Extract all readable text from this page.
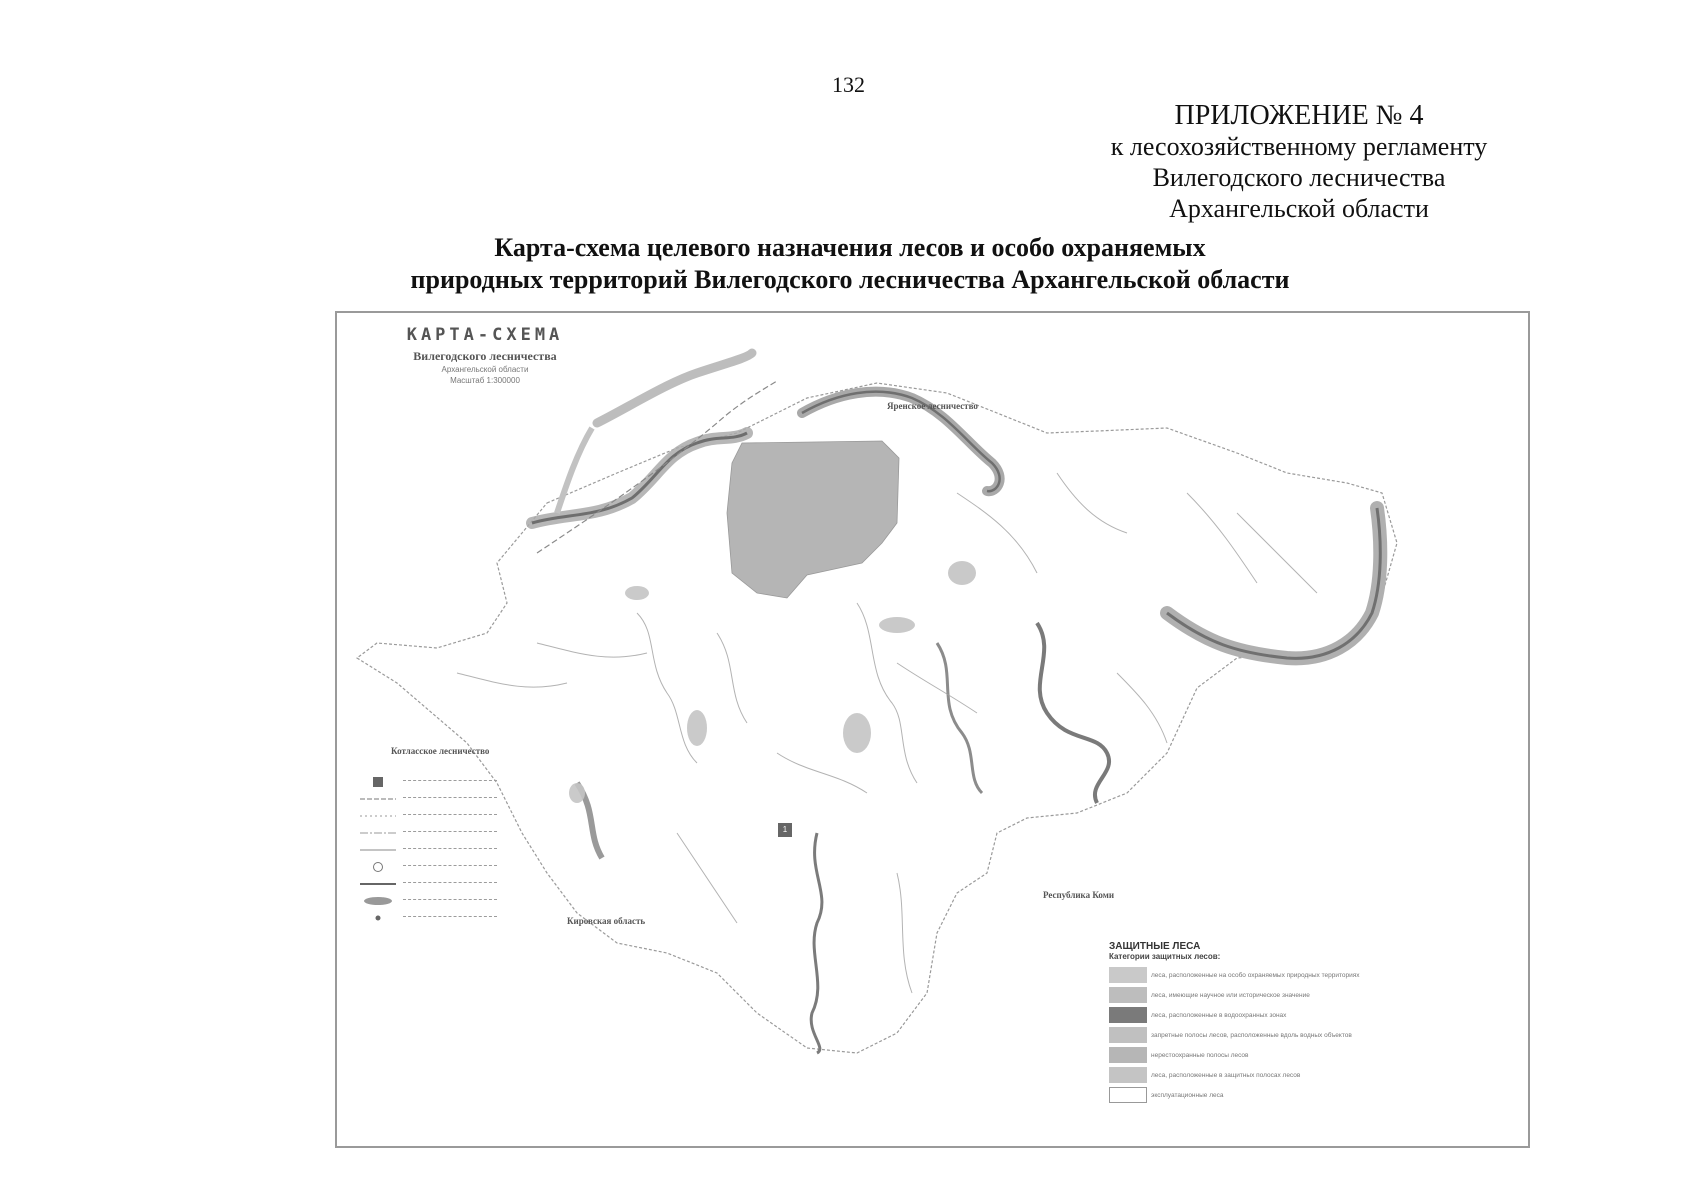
132
ПРИЛОЖЕНИЕ № 4
к лесохозяйственному регламенту
Вилегодского лесничества
Архангельской области
Карта-схема целевого назначения лесов и особо охраняемых
природных территорий Вилегодского лесничества Архангельской области
КАРТА-СХЕМА
Вилегодского лесничества
Архангельской области
Масштаб 1:300000
Яренское лесничество
Котласское лесничество
Кировская область
Республика Коми
1
ЗАЩИТНЫЕ ЛЕСА
Категории защитных лесов:
леса, расположенные на особо охраняемых природных территориях
леса, имеющие научное или историческое значение
леса, расположенные в водоохранных зонах
запретные полосы лесов, расположенные вдоль водных объектов
нерестоохранные полосы лесов
леса, расположенные в защитных полосах лесов
эксплуатационные леса
